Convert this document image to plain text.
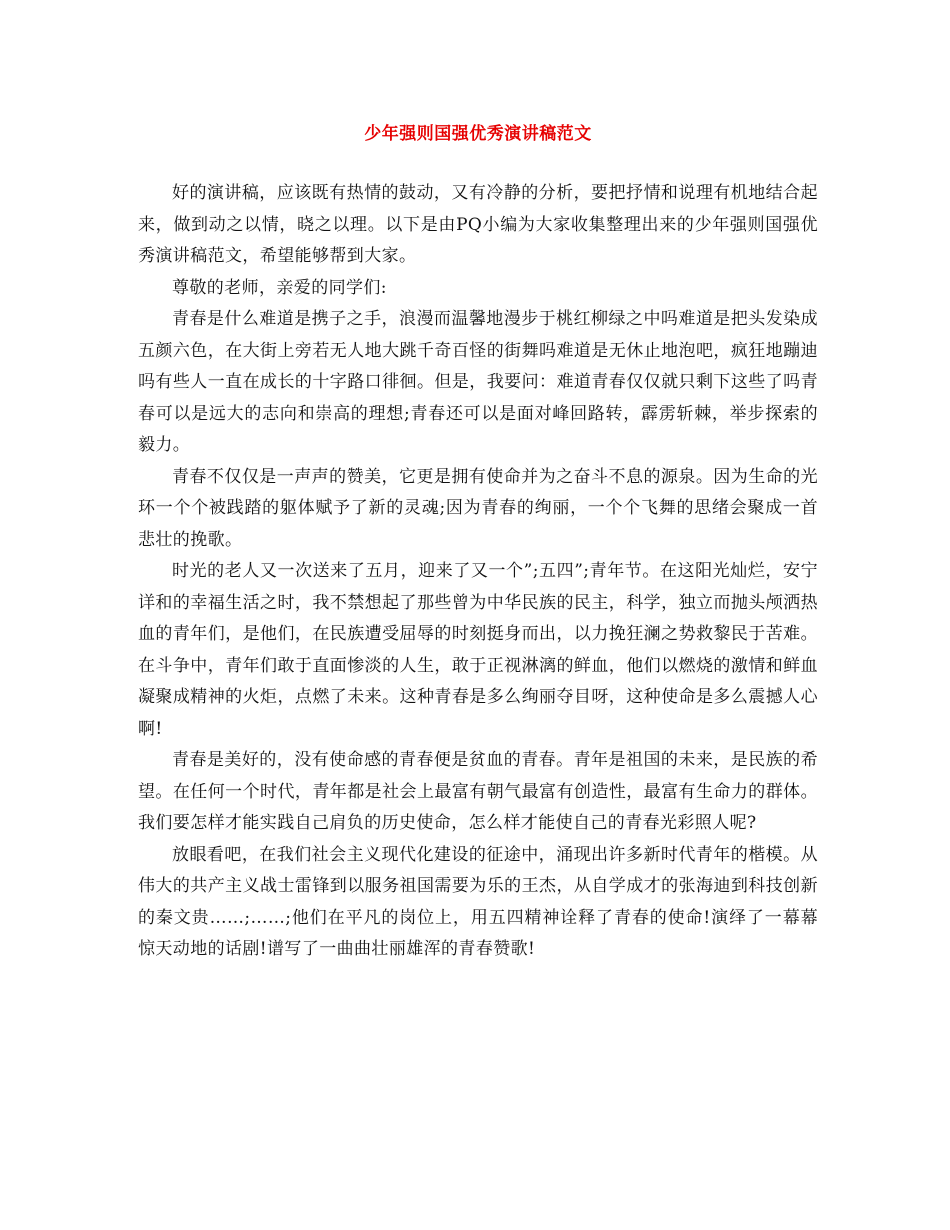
少年强则国强优秀演讲稿范文

好的演讲稿，应该既有热情的鼓动，又有冷静的分析，要把抒情和说理有机地结合起来，做到动之以情，晓之以理。以下是由PQ小编为大家收集整理出来的少年强则国强优秀演讲稿范文，希望能够帮到大家。

尊敬的老师，亲爱的同学们:

青春是什么难道是携子之手，浪漫而温馨地漫步于桃红柳绿之中吗难道是把头发染成五颜六色，在大街上旁若无人地大跳千奇百怪的街舞吗难道是无休止地泡吧，疯狂地蹦迪吗有些人一直在成长的十字路口徘徊。但是，我要问：难道青春仅仅就只剩下这些了吗青春可以是远大的志向和崇高的理想;青春还可以是面对峰回路转，霹雳斩棘，举步探索的毅力。

青春不仅仅是一声声的赞美，它更是拥有使命并为之奋斗不息的源泉。因为生命的光环一个个被践踏的躯体赋予了新的灵魂;因为青春的绚丽，一个个飞舞的思绪会聚成一首悲壮的挽歌。

时光的老人又一次送来了五月，迎来了又一个”;五四”;青年节。在这阳光灿烂，安宁详和的幸福生活之时，我不禁想起了那些曾为中华民族的民主，科学，独立而抛头颅洒热血的青年们，是他们，在民族遭受屈辱的时刻挺身而出，以力挽狂澜之势救黎民于苦难。在斗争中，青年们敢于直面惨淡的人生，敢于正视淋漓的鲜血，他们以燃烧的激情和鲜血凝聚成精神的火炬，点燃了未来。这种青春是多么绚丽夺目呀，这种使命是多么震撼人心啊!

青春是美好的，没有使命感的青春便是贫血的青春。青年是祖国的未来，是民族的希望。在任何一个时代，青年都是社会上最富有朝气最富有创造性，最富有生命力的群体。我们要怎样才能实践自己肩负的历史使命，怎么样才能使自己的青春光彩照人呢?

放眼看吧，在我们社会主义现代化建设的征途中，涌现出许多新时代青年的楷模。从伟大的共产主义战士雷锋到以服务祖国需要为乐的王杰，从自学成才的张海迪到科技创新的秦文贵……;……;他们在平凡的岗位上，用五四精神诠释了青春的使命!演绎了一幕幕惊天动地的话剧!谱写了一曲曲壮丽雄浑的青春赞歌!
